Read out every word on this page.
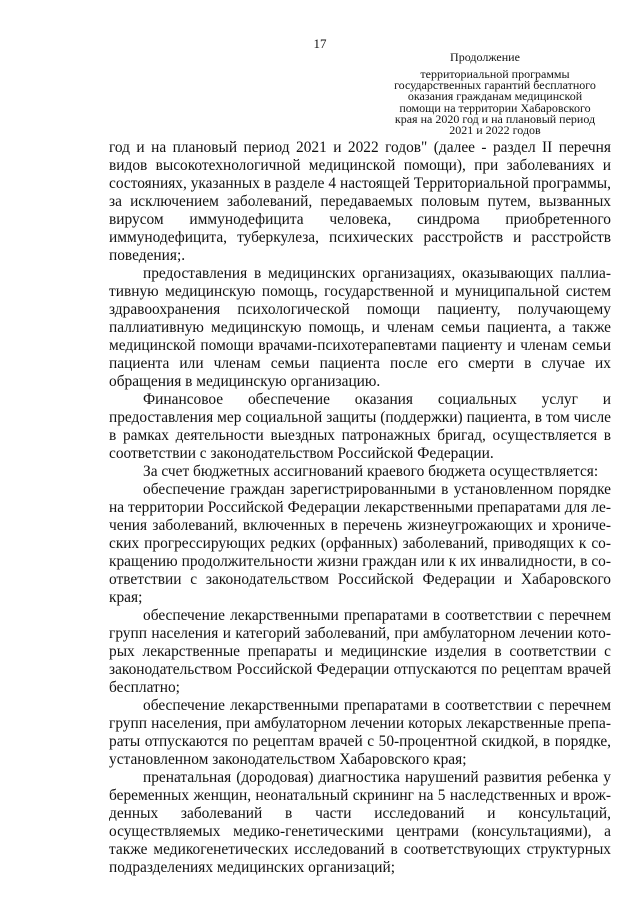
17
Продолжение
территориальной программы
государственных гарантий бесплатного
оказания гражданам медицинской
помощи на территории Хабаровского
края на 2020 год и на плановый период
2021 и 2022 годов

год и на плановый период 2021 и 2022 годов" (далее - раздел II перечня видов высокотехнологичной медицинской помощи), при заболеваниях и состояниях, указанных в разделе 4 настоящей Территориальной программы, за исключением заболеваний, передаваемых половым путем, вызванных вирусом иммунодефицита человека, синдрома приобретенного иммунодефицита, туберкулеза, психических расстройств и расстройств поведения;.

предоставления в медицинских организациях, оказывающих паллиативную медицинскую помощь, государственной и муниципальной систем здравоохранения психологической помощи пациенту, получающему паллиативную медицинскую помощь, и членам семьи пациента, а также медицинской помощи врачами-психотерапевтами пациенту и членам семьи пациента или членам семьи пациента после его смерти в случае их обращения в медицинскую организацию.

Финансовое обеспечение оказания социальных услуг и предоставления мер социальной защиты (поддержки) пациента, в том числе в рамках деятельности выездных патронажных бригад, осуществляется в соответствии с законодательством Российской Федерации.

За счет бюджетных ассигнований краевого бюджета осуществляется:

обеспечение граждан зарегистрированными в установленном порядке на территории Российской Федерации лекарственными препаратами для лечения заболеваний, включенных в перечень жизнеугрожающих и хронических прогрессирующих редких (орфанных) заболеваний, приводящих к сокращению продолжительности жизни граждан или к их инвалидности, в соответствии с законодательством Российской Федерации и Хабаровского края;

обеспечение лекарственными препаратами в соответствии с перечнем групп населения и категорий заболеваний, при амбулаторном лечении которых лекарственные препараты и медицинские изделия в соответствии с законодательством Российской Федерации отпускаются по рецептам врачей бесплатно;

обеспечение лекарственными препаратами в соответствии с перечнем групп населения, при амбулаторном лечении которых лекарственные препараты отпускаются по рецептам врачей с 50-процентной скидкой, в порядке, установленном законодательством Хабаровского края;

пренатальная (дородовая) диагностика нарушений развития ребенка у беременных женщин, неонатальный скрининг на 5 наследственных и врожденных заболеваний в части исследований и консультаций, осуществляемых медико-генетическими центрами (консультациями), а также медикогенетических исследований в соответствующих структурных подразделениях медицинских организаций;
